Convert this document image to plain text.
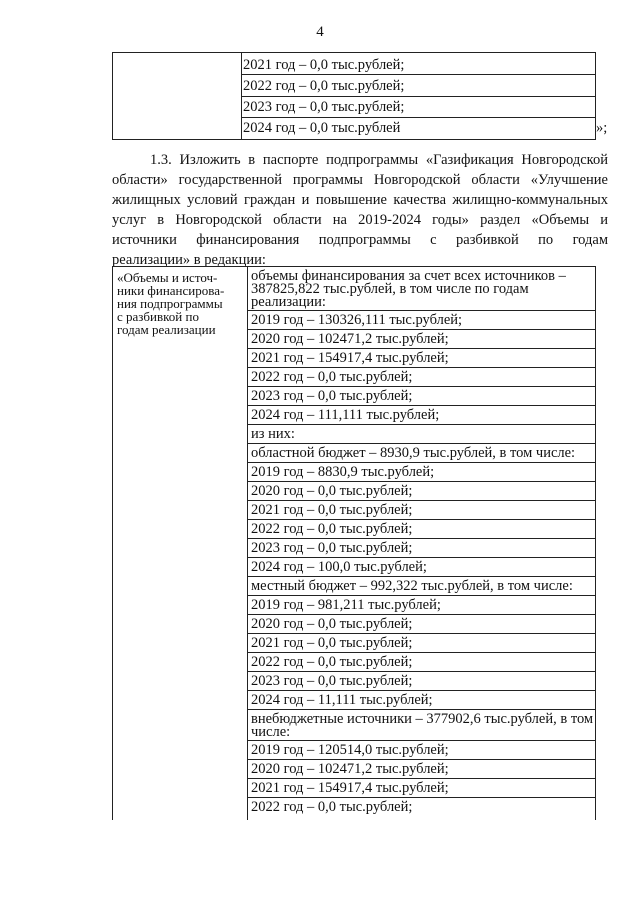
4
2021 год – 0,0 тыс.рублей;
2022 год – 0,0 тыс.рублей;
2023 год – 0,0 тыс.рублей;
2024 год – 0,0 тыс.рублей	»;
1.3. Изложить в паспорте подпрограммы «Газификация Новгородской
области» государственной программы Новгородской области «Улучшение
жилищных условий граждан и повышение качества жилищно-коммунальных
услуг в Новгородской области на 2019-2024 годы» раздел «Объемы и
источники финансирования подпрограммы с разбивкой по годам
реализации» в редакции:
«Объемы и источ-
ники финансирова-
ния подпрограммы
с разбивкой по
годам реализации
объемы финансирования за счет всех источников – 387825,822 тыс.рублей, в том числе по годам реализации:
2019 год – 130326,111 тыс.рублей;
2020 год – 102471,2 тыс.рублей;
2021 год – 154917,4 тыс.рублей;
2022 год – 0,0 тыс.рублей;
2023 год – 0,0 тыс.рублей;
2024 год – 111,111 тыс.рублей;
из них:
областной бюджет – 8930,9 тыс.рублей, в том числе:
2019 год – 8830,9 тыс.рублей;
2020 год – 0,0 тыс.рублей;
2021 год – 0,0 тыс.рублей;
2022 год – 0,0 тыс.рублей;
2023 год – 0,0 тыс.рублей;
2024 год – 100,0 тыс.рублей;
местный бюджет – 992,322 тыс.рублей, в том числе:
2019 год – 981,211 тыс.рублей;
2020 год – 0,0 тыс.рублей;
2021 год – 0,0 тыс.рублей;
2022 год – 0,0 тыс.рублей;
2023 год – 0,0 тыс.рублей;
2024 год – 11,111 тыс.рублей;
внебюджетные источники – 377902,6 тыс.рублей, в том числе:
2019 год – 120514,0 тыс.рублей;
2020 год – 102471,2 тыс.рублей;
2021 год – 154917,4 тыс.рублей;
2022 год – 0,0 тыс.рублей;
